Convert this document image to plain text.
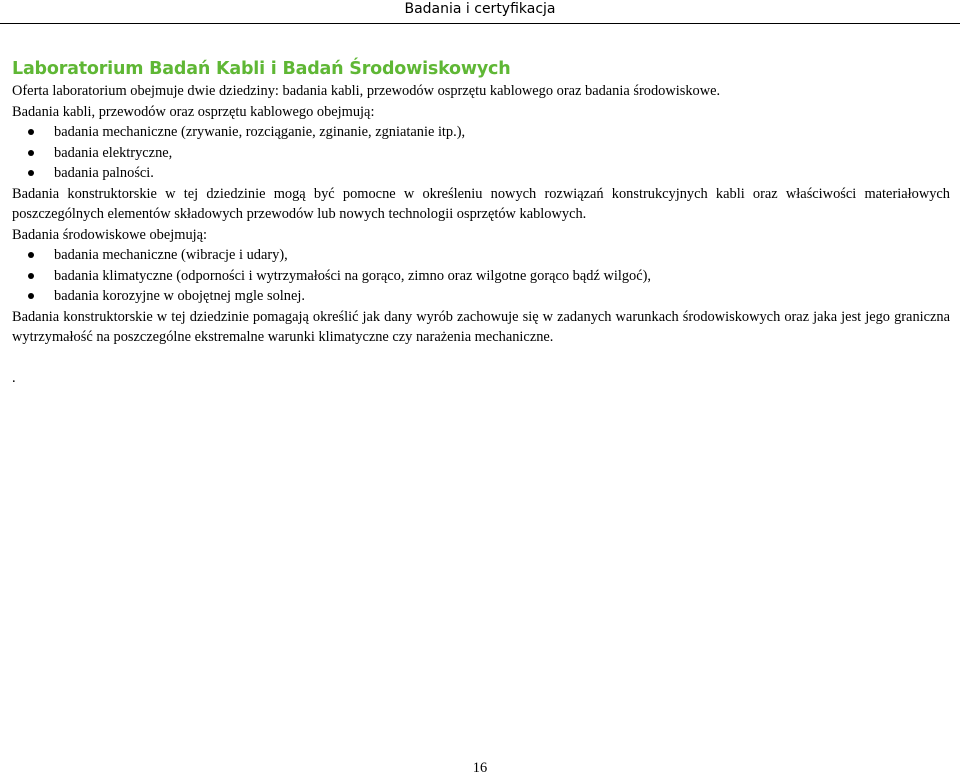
Badania i certyfikacja
Laboratorium Badań Kabli i Badań Środowiskowych

Oferta laboratorium obejmuje dwie dziedziny: badania kabli, przewodów osprzętu kablowego oraz badania środowiskowe.

Badania kabli, przewodów oraz osprzętu kablowego obejmują:

badania mechaniczne (zrywanie, rozciąganie, zginanie, zgniatanie itp.),
badania elektryczne,
badania palności.

Badania konstruktorskie w tej dziedzinie mogą być pomocne w określeniu nowych rozwiązań konstrukcyjnych kabli oraz właściwości materiałowych poszczególnych elementów składowych przewodów lub nowych technologii osprzętów kablowych.

Badania środowiskowe obejmują:

badania mechaniczne (wibracje i udary),
badania klimatyczne (odporności i wytrzymałości na gorąco, zimno oraz wilgotne gorąco bądź wilgoć),
badania korozyjne w obojętnej mgle solnej.

Badania konstruktorskie w tej dziedzinie pomagają określić jak dany wyrób zachowuje się w zadanych warunkach środowiskowych oraz jaka jest jego graniczna wytrzymałość na poszczególne ekstremalne warunki klimatyczne czy narażenia mechaniczne.

.

16
